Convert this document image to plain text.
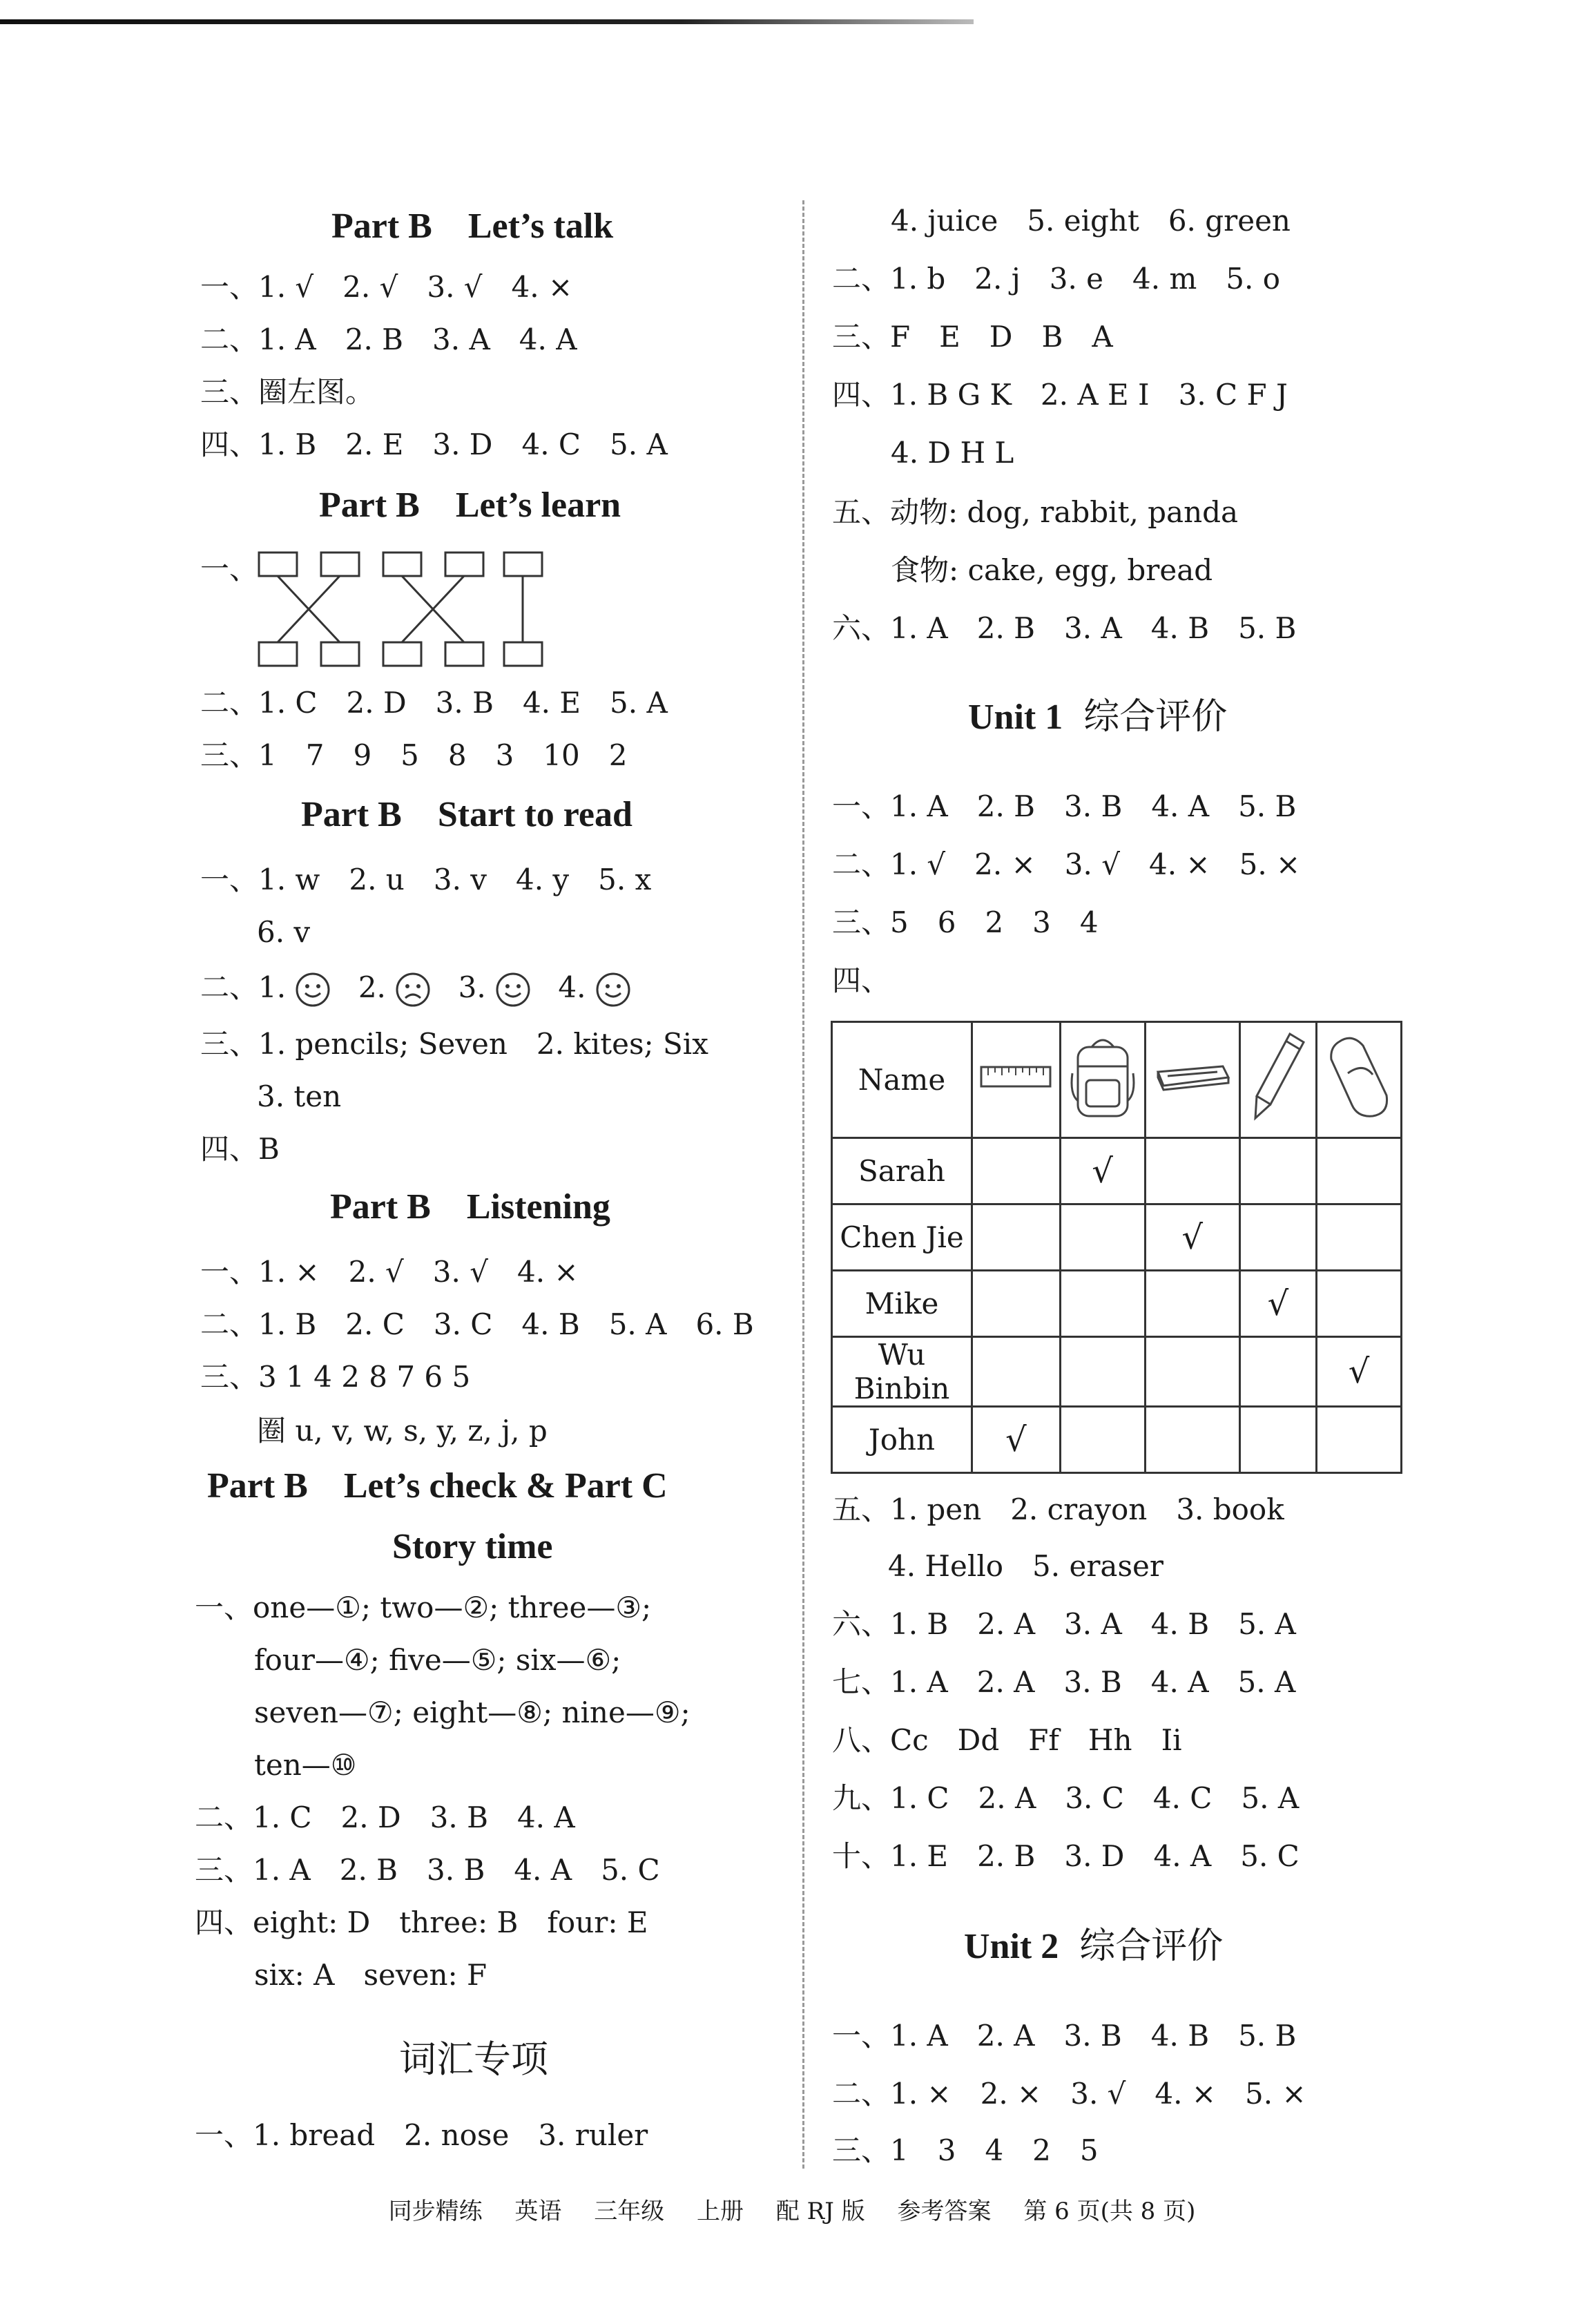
Part B Let’s talk
一、1. √　2. √　3. √　4. ×
二、1. A　2. B　3. A　4. A
三、圈左图。
四、1. B　2. E　3. D　4. C　5. A
Part B Let’s learn
一、
二、1. C　2. D　3. B　4. E　5. A
三、1　7　9　5　8　3　10　2
Part B Start to read
一、1. w　2. u　3. v　4. y　5. x
6. v
二、1. 2. 3. 4.
三、1. pencils; Seven　2. kites; Six
3. ten
四、B
Part B Listening
一、1. ×　2. √　3. √　4. ×
二、1. B　2. C　3. C　4. B　5. A　6. B
三、3 1 4 2 8 7 6 5
圈 u, v, w, s, y, z, j, p
Part B　Let’s check & Part C
Story time
一、one—①; two—②; three—③;
four—④; five—⑤; six—⑥;
seven—⑦; eight—⑧; nine—⑨;
ten—⑩
二、1. C　2. D　3. B　4. A
三、1. A　2. B　3. B　4. A　5. C
四、eight: D　three: B　four: E
six: A　seven: F
词汇专项
一、1. bread　2. nose　3. ruler
4. juice　5. eight　6. green
二、1. b　2. j　3. e　4. m　5. o
三、F　E　D　B　A
四、1. B G K　2. A E I　3. C F J
4. D H L
五、动物: dog, rabbit, panda
食物: cake, egg, bread
六、1. A　2. B　3. A　4. B　5. B
Unit 1 综合评价
一、1. A　2. B　3. B　4. A　5. B
二、1. √　2. ×　3. √　4. ×　5. ×
三、5　6　2　3　4
四、
Name					
Sarah		√			
Chen Jie			√		
Mike				√	
Wu Binbin					√
John	√				
五、1. pen　2. crayon　3. book
4. Hello　5. eraser
六、1. B　2. A　3. A　4. B　5. A
七、1. A　2. A　3. B　4. A　5. A
八、Cc　Dd　Ff　Hh　Ii
九、1. C　2. A　3. C　4. C　5. A
十、1. E　2. B　3. D　4. A　5. C
Unit 2 综合评价
一、1. A　2. A　3. B　4. B　5. B
二、1. ×　2. ×　3. √　4. ×　5. ×
三、1　3　4　2　5
同步精练 英语 三年级 上册 配 RJ 版 参考答案 第 6 页(共 8 页)
